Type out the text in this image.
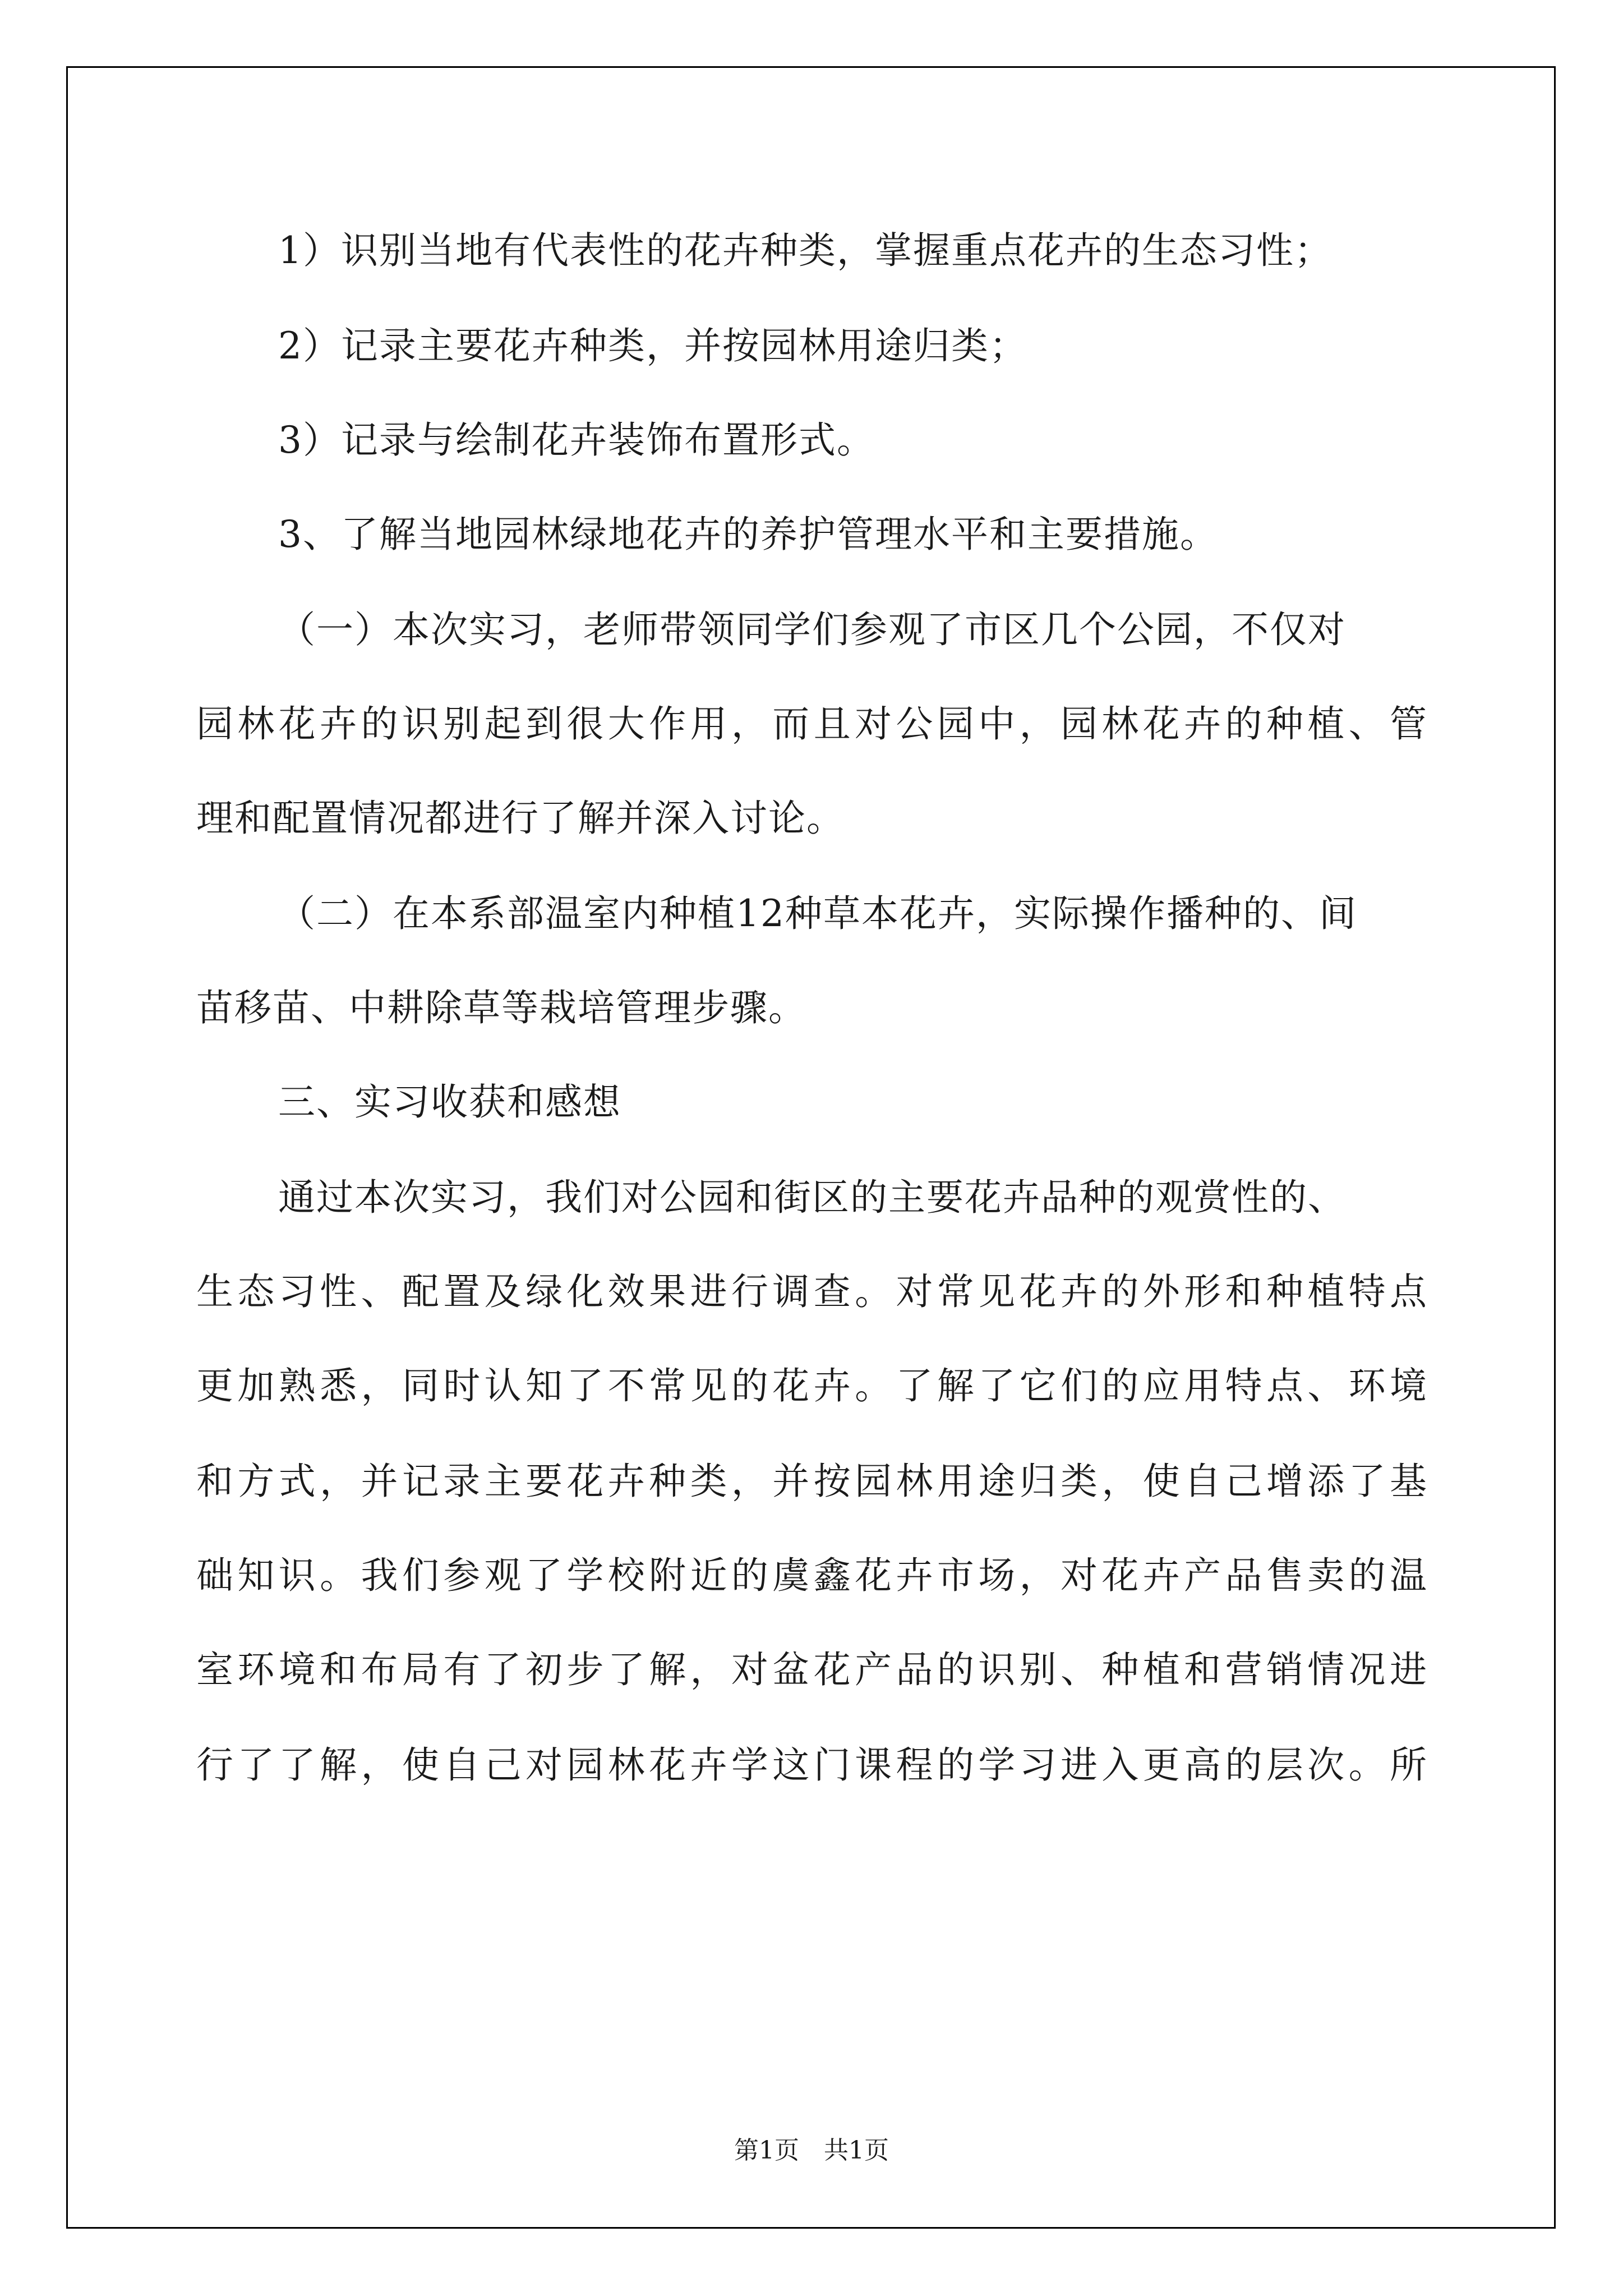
1）识别当地有代表性的花卉种类，掌握重点花卉的生态习性；
2）记录主要花卉种类，并按园林用途归类；
3）记录与绘制花卉装饰布置形式。
3、了解当地园林绿地花卉的养护管理水平和主要措施。
（一）本次实习，老师带领同学们参观了市区几个公园，不仅对
园林花卉的识别起到很大作用，而且对公园中，园林花卉的种植、管
理和配置情况都进行了解并深入讨论。
（二）在本系部温室内种植12种草本花卉，实际操作播种的、间
苗移苗、中耕除草等栽培管理步骤。
三、实习收获和感想
通过本次实习，我们对公园和街区的主要花卉品种的观赏性的、
生态习性、配置及绿化效果进行调查。对常见花卉的外形和种植特点
更加熟悉，同时认知了不常见的花卉。了解了它们的应用特点、环境
和方式，并记录主要花卉种类，并按园林用途归类，使自己增添了基
础知识。我们参观了学校附近的虞鑫花卉市场，对花卉产品售卖的温
室环境和布局有了初步了解，对盆花产品的识别、种植和营销情况进
行了了解，使自己对园林花卉学这门课程的学习进入更高的层次。所
第1页　共1页
